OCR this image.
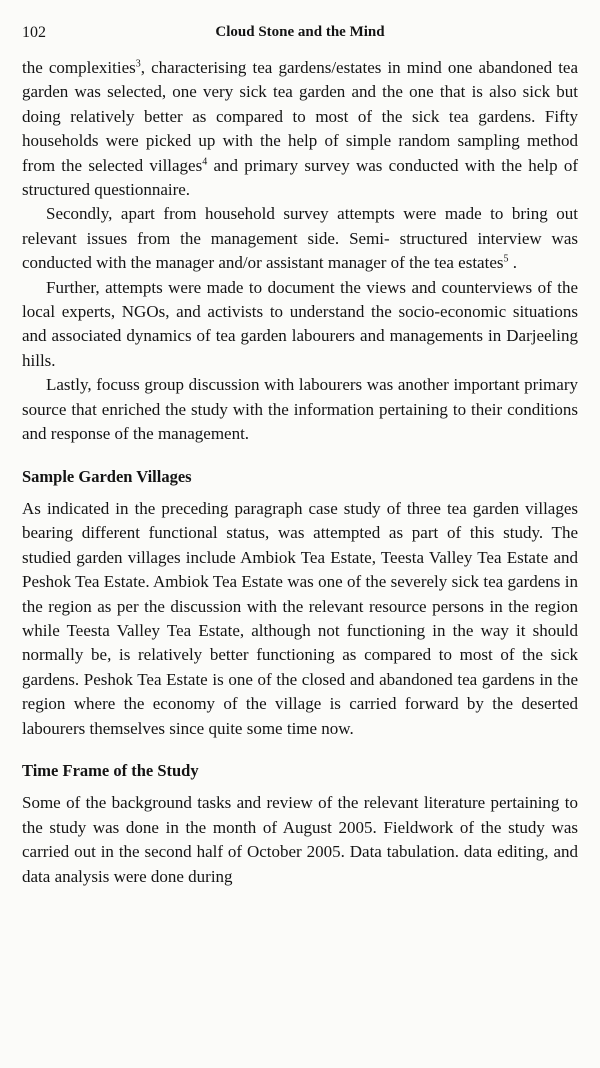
102	Cloud Stone and the Mind

the complexities$^3$, characterising tea gardens/estates in mind one abandoned tea garden was selected, one very sick tea garden and the one that is also sick but doing relatively better as compared to most of the sick tea gardens. Fifty households were picked up with the help of simple random sampling method from the selected villages$^4$ and primary survey was conducted with the help of structured questionnaire.

Secondly, apart from household survey attempts were made to bring out relevant issues from the management side. Semi- structured interview was conducted with the manager and/or assistant manager of the tea estates$^5$ .

Further, attempts were made to document the views and counterviews of the local experts, NGOs, and activists to understand the socio-economic situations and associated dynamics of tea garden labourers and managements in Darjeeling hills.

Lastly, focuss group discussion with labourers was another important primary source that enriched the study with the information pertaining to their conditions and response of the management.

Sample Garden Villages

As indicated in the preceding paragraph case study of three tea garden villages bearing different functional status, was attempted as part of this study. The studied garden villages include Ambiok Tea Estate, Teesta Valley Tea Estate and Peshok Tea Estate. Ambiok Tea Estate was one of the severely sick tea gardens in the region as per the discussion with the relevant resource persons in the region while Teesta Valley Tea Estate, although not functioning in the way it should normally be, is relatively better functioning as compared to most of the sick gardens. Peshok Tea Estate is one of the closed and abandoned tea gardens in the region where the economy of the village is carried forward by the deserted labourers themselves since quite some time now.

Time Frame of the Study

Some of the background tasks and review of the relevant literature pertaining to the study was done in the month of August 2005. Fieldwork of the study was carried out in the second half of October 2005. Data tabulation. data editing, and data analysis were done during
